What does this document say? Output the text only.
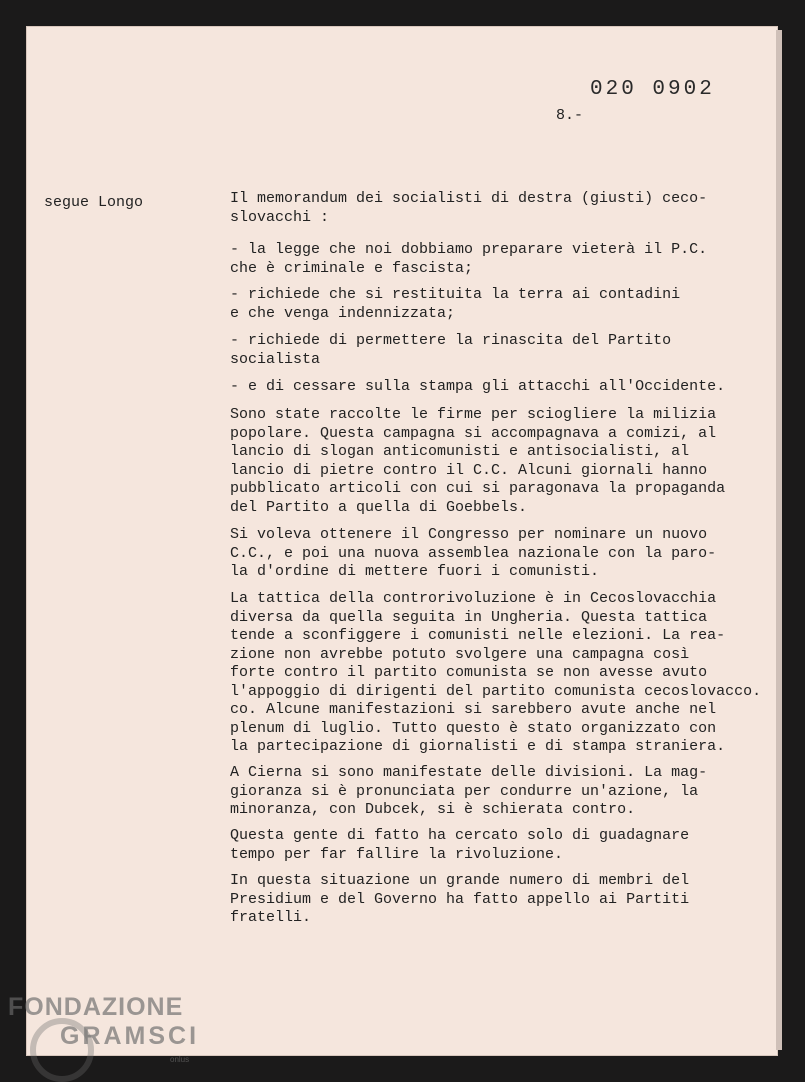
020 0902
8.-
segue Longo	Il memorandum dei socialisti di destra (giusti) ceco-
slovacchi :

- la legge che noi dobbiamo preparare vieterà il P.C.
che è criminale e fascista;

- richiede che si restituita la terra ai contadini
e che venga indennizzata;

- richiede di permettere la rinascita del Partito
socialista

- e di cessare sulla stampa gli attacchi all'Occidente.

Sono state raccolte le firme per sciogliere la milizia
popolare. Questa campagna si accompagnava a comizi, al
lancio di slogan anticomunisti e antisocialisti, al
lancio di pietre contro il C.C. Alcuni giornali hanno
pubblicato articoli con cui si paragonava la propaganda
del Partito a quella di Goebbels.

Si voleva ottenere il Congresso per nominare un nuovo
C.C., e poi una nuova assemblea nazionale con la paro-
la d'ordine di mettere fuori i comunisti.

La tattica della controrivoluzione è in Cecoslovacchia
diversa da quella seguita in Ungheria. Questa tattica
tende a sconfiggere i comunisti nelle elezioni. La rea-
zione non avrebbe potuto svolgere una campagna così
forte contro il partito comunista se non avesse avuto
l'appoggio di dirigenti del partito comunista cecoslovacco.
co. Alcune manifestazioni si sarebbero avute anche nel
plenum di luglio. Tutto questo è stato organizzato con
la partecipazione di giornalisti e di stampa straniera.

A Cierna si sono manifestate delle divisioni. La mag-
gioranza si è pronunciata per condurre un'azione, la
minoranza, con Dubcek, si è schierata contro.

Questa gente di fatto ha cercato solo di guadagnare
tempo per far fallire la rivoluzione.

In questa situazione un grande numero di membri del
Presidium e del Governo ha fatto appello ai Partiti
fratelli.

FONDAZIONE
GRAMSCI
onlus
